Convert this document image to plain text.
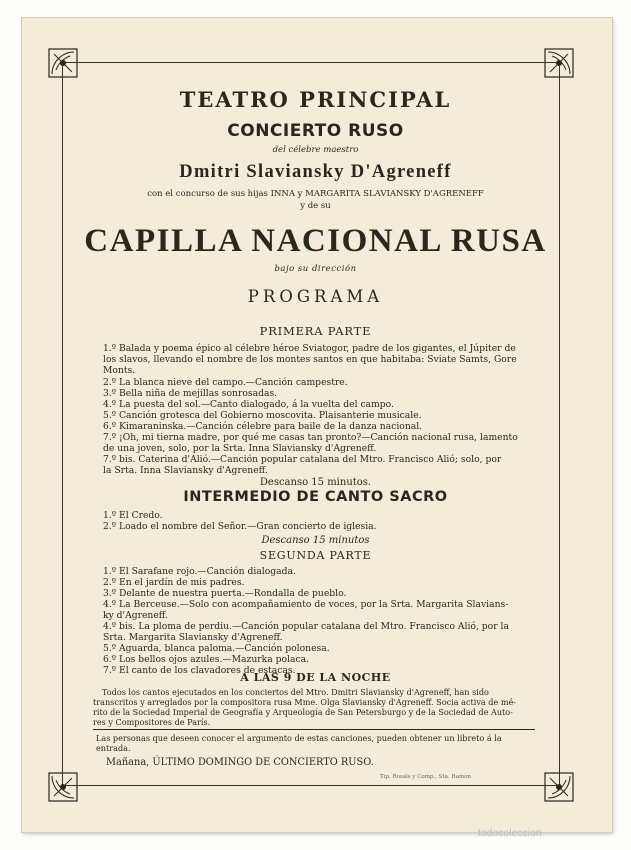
TEATRO PRINCIPAL
CONCIERTO RUSO
del célebre maestro
Dmitri Slaviansky D'Agreneff
con el concurso de sus hijas INNA y MARGARITA SLAVIANSKY D'AGRENEFF
y de su
CAPILLA NACIONAL RUSA
bajo su dirección
PROGRAMA
PRIMERA PARTE
1.º Balada y poema épico al célebre héroe Sviatogor, padre de los gigantes, el Júpiter de
los slavos, llevando el nombre de los montes santos en que habitaba: Sviate Samts, Gore
Monts.
2.º La blanca nieve del campo.—Canción campestre.
3.º Bella niña de mejillas sonrosadas.
4.º La puesta del sol.—Canto dialogado, á la vuelta del campo.
5.º Canción grotesca del Gobierno moscovita. Plaisanterie musicale.
6.º Kimaraninska.—Canción célebre para baile de la danza nacional.
7.º ¡Oh, mi tierna madre, por qué me casas tan pronto?—Canción nacional rusa, lamento
de una joven, solo, por la Srta. Inna Slaviansky d'Agreneff.
7.º bis. Caterina d'Alió.—Canción popular catalana del Mtro. Francisco Alió; solo, por
la Srta. Inna Slaviansky d'Agreneff.
Descanso 15 minutos.
INTERMEDIO DE CANTO SACRO
1.º El Credo.
2.º Loado el nombre del Señor.—Gran concierto de iglesia.
Descanso 15 minutos
SEGUNDA PARTE
1.º El Sarafane rojo.—Canción dialogada.
2.º En el jardín de mis padres.
3.º Delante de nuestra puerta.—Rondalla de pueblo.
4.º La Berceuse.—Solo con acompañamiento de voces, por la Srta. Margarita Slavians-
ky d'Agreneff.
4.º bis. La ploma de perdiu.—Canción popular catalana del Mtro. Francisco Alió, por la
Srta. Margarita Slaviansky d'Agreneff.
5.º Aguarda, blanca paloma.—Canción polonesa.
6.º Los bellos ojos azules.—Mazurka polaca.
7.º El canto de los clavadores de estacas.
A LAS 9 DE LA NOCHE
Todos los cantos ejecutados en los conciertos del Mtro. Dmitri Slaviansky d'Agreneff, han sido
transcritos y arreglados por la compositora rusa Mme. Olga Slaviansky d'Agreneff. Socia activa de mé-
rito de la Sociedad Imperial de Geografía y Arqueología de San Petersburgo y de la Sociedad de Auto-
res y Compositores de París.
Las personas que deseen conocer el argumento de estas canciones, pueden obtener un libreto á la
entrada.
Mañana, ÚLTIMO DOMINGO DE CONCIERTO RUSO.
Tip. Rosals y Comp., Sta. Ramon
todocoleccion
